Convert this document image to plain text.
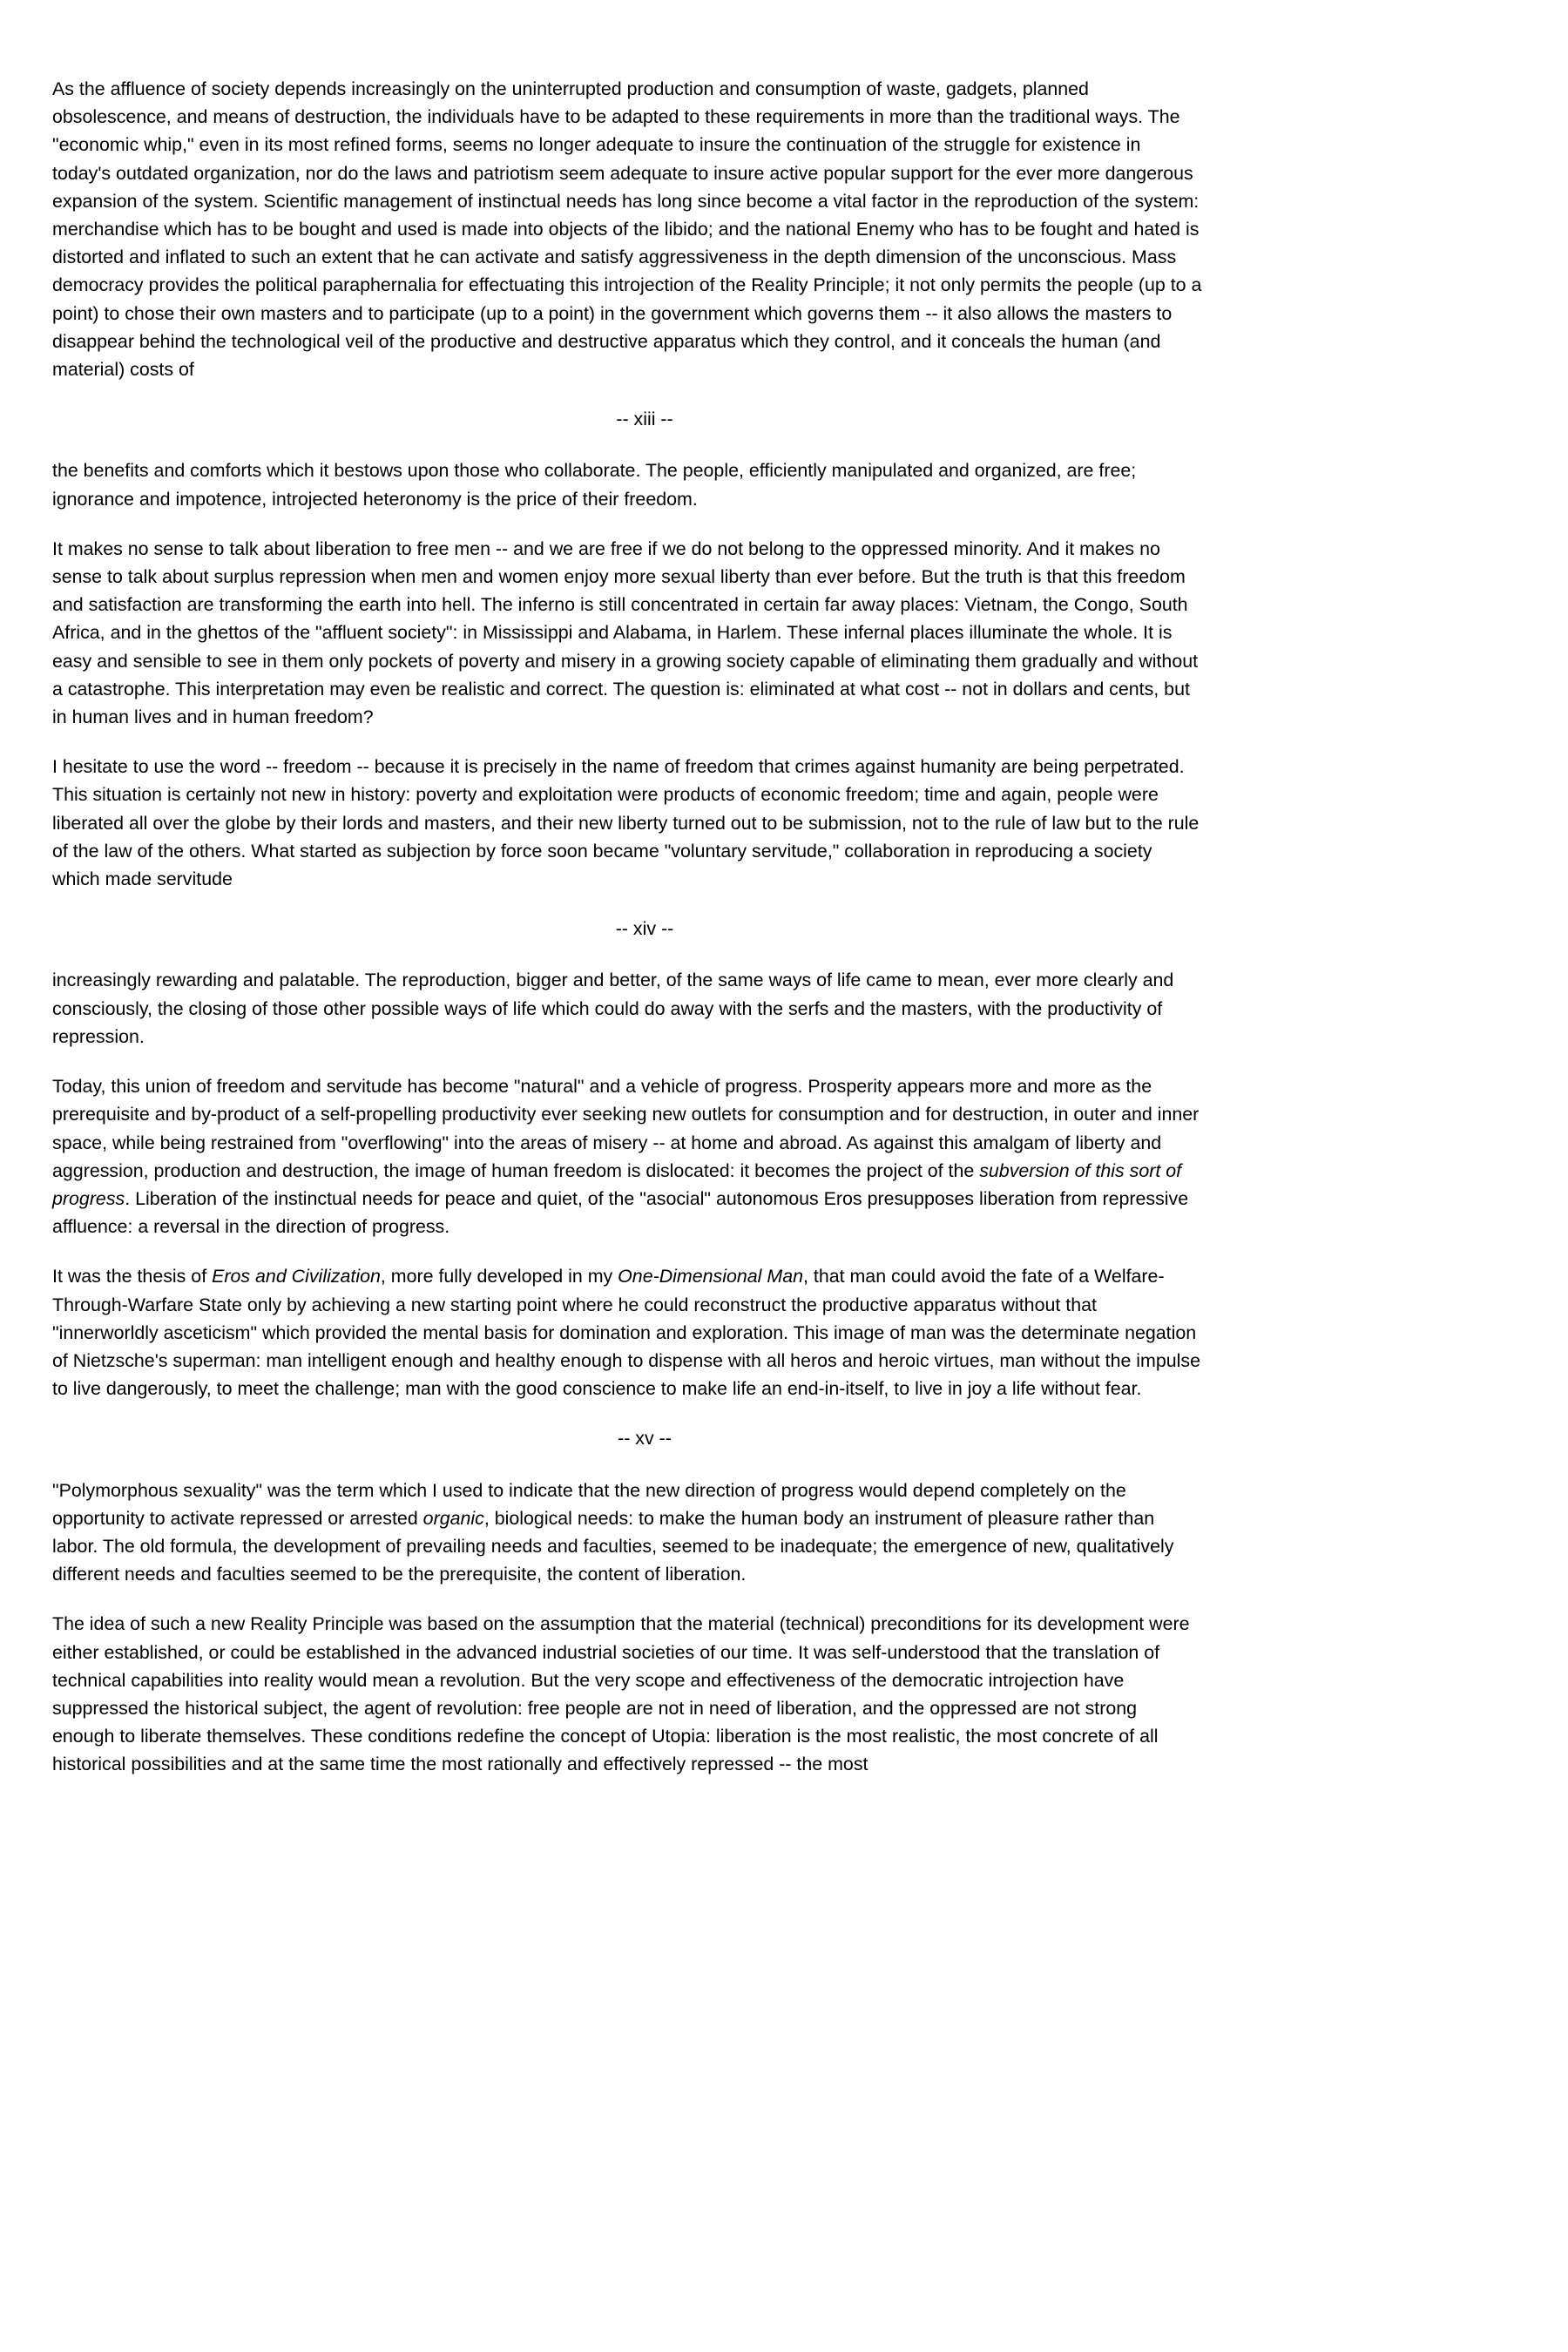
As the affluence of society depends increasingly on the uninterrupted production and consumption of waste, gadgets, planned obsolescence, and means of destruction, the individuals have to be adapted to these requirements in more than the traditional ways. The "economic whip," even in its most refined forms, seems no longer adequate to insure the continuation of the struggle for existence in today's outdated organization, nor do the laws and patriotism seem adequate to insure active popular support for the ever more dangerous expansion of the system. Scientific management of instinctual needs has long since become a vital factor in the reproduction of the system: merchandise which has to be bought and used is made into objects of the libido; and the national Enemy who has to be fought and hated is distorted and inflated to such an extent that he can activate and satisfy aggressiveness in the depth dimension of the unconscious. Mass democracy provides the political paraphernalia for effectuating this introjection of the Reality Principle; it not only permits the people (up to a point) to chose their own masters and to participate (up to a point) in the government which governs them -- it also allows the masters to disappear behind the technological veil of the productive and destructive apparatus which they control, and it conceals the human (and material) costs of

-- xiii --

the benefits and comforts which it bestows upon those who collaborate. The people, efficiently manipulated and organized, are free; ignorance and impotence, introjected heteronomy is the price of their freedom.

It makes no sense to talk about liberation to free men -- and we are free if we do not belong to the oppressed minority. And it makes no sense to talk about surplus repression when men and women enjoy more sexual liberty than ever before. But the truth is that this freedom and satisfaction are transforming the earth into hell. The inferno is still concentrated in certain far away places: Vietnam, the Congo, South Africa, and in the ghettos of the "affluent society": in Mississippi and Alabama, in Harlem. These infernal places illuminate the whole. It is easy and sensible to see in them only pockets of poverty and misery in a growing society capable of eliminating them gradually and without a catastrophe. This interpretation may even be realistic and correct. The question is: eliminated at what cost -- not in dollars and cents, but in human lives and in human freedom?

I hesitate to use the word -- freedom -- because it is precisely in the name of freedom that crimes against humanity are being perpetrated. This situation is certainly not new in history: poverty and exploitation were products of economic freedom; time and again, people were liberated all over the globe by their lords and masters, and their new liberty turned out to be submission, not to the rule of law but to the rule of the law of the others. What started as subjection by force soon became "voluntary servitude," collaboration in reproducing a society which made servitude

-- xiv --

increasingly rewarding and palatable. The reproduction, bigger and better, of the same ways of life came to mean, ever more clearly and consciously, the closing of those other possible ways of life which could do away with the serfs and the masters, with the productivity of repression.

Today, this union of freedom and servitude has become "natural" and a vehicle of progress. Prosperity appears more and more as the prerequisite and by-product of a self-propelling productivity ever seeking new outlets for consumption and for destruction, in outer and inner space, while being restrained from "overflowing" into the areas of misery -- at home and abroad. As against this amalgam of liberty and aggression, production and destruction, the image of human freedom is dislocated: it becomes the project of the subversion of this sort of progress. Liberation of the instinctual needs for peace and quiet, of the "asocial" autonomous Eros presupposes liberation from repressive affluence: a reversal in the direction of progress.

It was the thesis of Eros and Civilization, more fully developed in my One-Dimensional Man, that man could avoid the fate of a Welfare-Through-Warfare State only by achieving a new starting point where he could reconstruct the productive apparatus without that "innerworldly asceticism" which provided the mental basis for domination and exploration. This image of man was the determinate negation of Nietzsche's superman: man intelligent enough and healthy enough to dispense with all heros and heroic virtues, man without the impulse to live dangerously, to meet the challenge; man with the good conscience to make life an end-in-itself, to live in joy a life without fear.

-- xv --

"Polymorphous sexuality" was the term which I used to indicate that the new direction of progress would depend completely on the opportunity to activate repressed or arrested organic, biological needs: to make the human body an instrument of pleasure rather than labor. The old formula, the development of prevailing needs and faculties, seemed to be inadequate; the emergence of new, qualitatively different needs and faculties seemed to be the prerequisite, the content of liberation.

The idea of such a new Reality Principle was based on the assumption that the material (technical) preconditions for its development were either established, or could be established in the advanced industrial societies of our time. It was self-understood that the translation of technical capabilities into reality would mean a revolution. But the very scope and effectiveness of the democratic introjection have suppressed the historical subject, the agent of revolution: free people are not in need of liberation, and the oppressed are not strong enough to liberate themselves. These conditions redefine the concept of Utopia: liberation is the most realistic, the most concrete of all historical possibilities and at the same time the most rationally and effectively repressed -- the most
